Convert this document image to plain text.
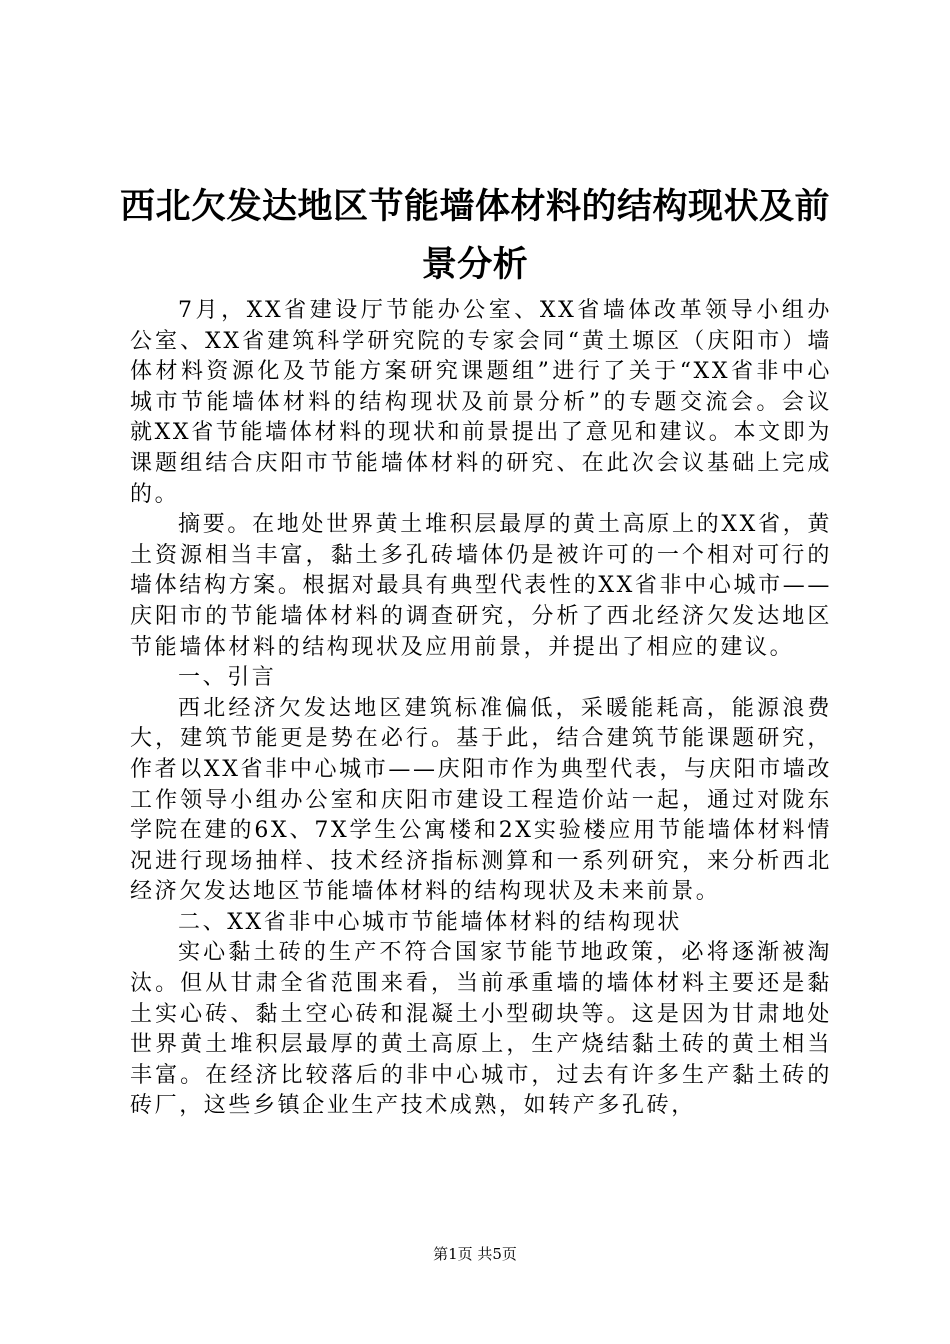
西北欠发达地区节能墙体材料的结构现状及前景分析

7月，XX省建设厅节能办公室、XX省墙体改革领导小组办公室、XX省建筑科学研究院的专家会同“黄土塬区（庆阳市）墙体材料资源化及节能方案研究课题组”进行了关于“XX省非中心城市节能墙体材料的结构现状及前景分析”的专题交流会。会议就XX省节能墙体材料的现状和前景提出了意见和建议。本文即为课题组结合庆阳市节能墙体材料的研究、在此次会议基础上完成的。

摘要。在地处世界黄土堆积层最厚的黄土高原上的XX省，黄土资源相当丰富，黏土多孔砖墙体仍是被许可的一个相对可行的墙体结构方案。根据对最具有典型代表性的XX省非中心城市——庆阳市的节能墙体材料的调查研究，分析了西北经济欠发达地区节能墙体材料的结构现状及应用前景，并提出了相应的建议。

一、引言

西北经济欠发达地区建筑标准偏低，采暖能耗高，能源浪费大，建筑节能更是势在必行。基于此，结合建筑节能课题研究，作者以XX省非中心城市——庆阳市作为典型代表，与庆阳市墙改工作领导小组办公室和庆阳市建设工程造价站一起，通过对陇东学院在建的6X、7X学生公寓楼和2X实验楼应用节能墙体材料情况进行现场抽样、技术经济指标测算和一系列研究，来分析西北经济欠发达地区节能墙体材料的结构现状及未来前景。

二、XX省非中心城市节能墙体材料的结构现状

实心黏土砖的生产不符合国家节能节地政策，必将逐渐被淘汰。但从甘肃全省范围来看，当前承重墙的墙体材料主要还是黏土实心砖、黏土空心砖和混凝土小型砌块等。这是因为甘肃地处世界黄土堆积层最厚的黄土高原上，生产烧结黏土砖的黄土相当丰富。在经济比较落后的非中心城市，过去有许多生产黏土砖的砖厂，这些乡镇企业生产技术成熟，如转产多孔砖，

第1页 共5页
